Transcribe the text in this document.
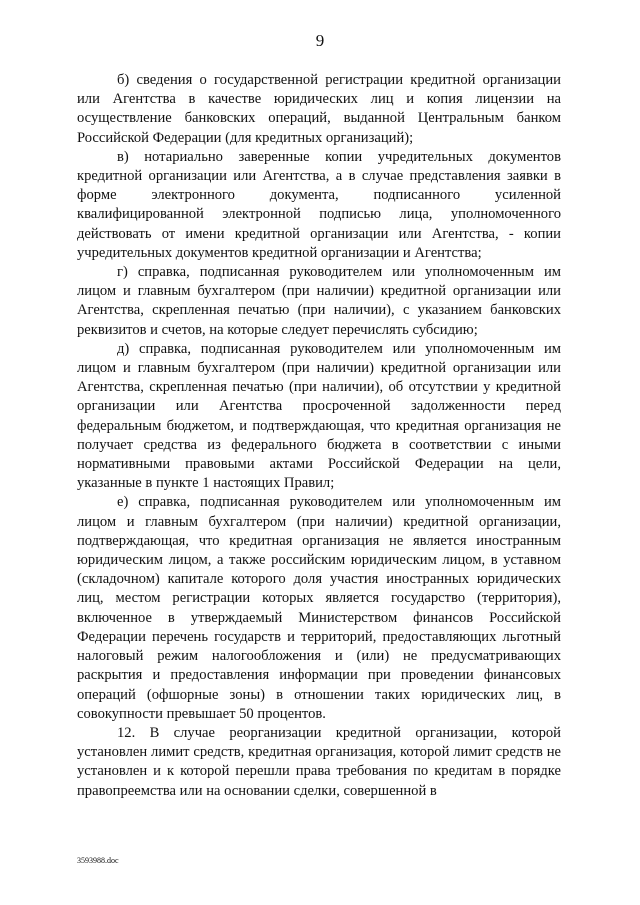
9

б) сведения о государственной регистрации кредитной организации или Агентства в качестве юридических лиц и копия лицензии на осуществление банковских операций, выданной Центральным банком Российской Федерации (для кредитных организаций);

в) нотариально заверенные копии учредительных документов кредитной организации или Агентства, а в случае представления заявки в форме электронного документа, подписанного усиленной квалифицированной электронной подписью лица, уполномоченного действовать от имени кредитной организации или Агентства, - копии учредительных документов кредитной организации и Агентства;

г) справка, подписанная руководителем или уполномоченным им лицом и главным бухгалтером (при наличии) кредитной организации или Агентства, скрепленная печатью (при наличии), с указанием банковских реквизитов и счетов, на которые следует перечислять субсидию;

д) справка, подписанная руководителем или уполномоченным им лицом и главным бухгалтером (при наличии) кредитной организации или Агентства, скрепленная печатью (при наличии), об отсутствии у кредитной организации или Агентства просроченной задолженности перед федеральным бюджетом, и подтверждающая, что кредитная организация не получает средства из федерального бюджета в соответствии с иными нормативными правовыми актами Российской Федерации на цели, указанные в пункте 1 настоящих Правил;

е) справка, подписанная руководителем или уполномоченным им лицом и главным бухгалтером (при наличии) кредитной организации, подтверждающая, что кредитная организация не является иностранным юридическим лицом, а также российским юридическим лицом, в уставном (складочном) капитале которого доля участия иностранных юридических лиц, местом регистрации которых является государство (территория), включенное в утверждаемый Министерством финансов Российской Федерации перечень государств и территорий, предоставляющих льготный налоговый режим налогообложения и (или) не предусматривающих раскрытия и предоставления информации при проведении финансовых операций (офшорные зоны) в отношении таких юридических лиц, в совокупности превышает 50 процентов.

12. В случае реорганизации кредитной организации, которой установлен лимит средств, кредитная организация, которой лимит средств не установлен и к которой перешли права требования по кредитам в порядке правопреемства или на основании сделки, совершенной в

3593988.doc
